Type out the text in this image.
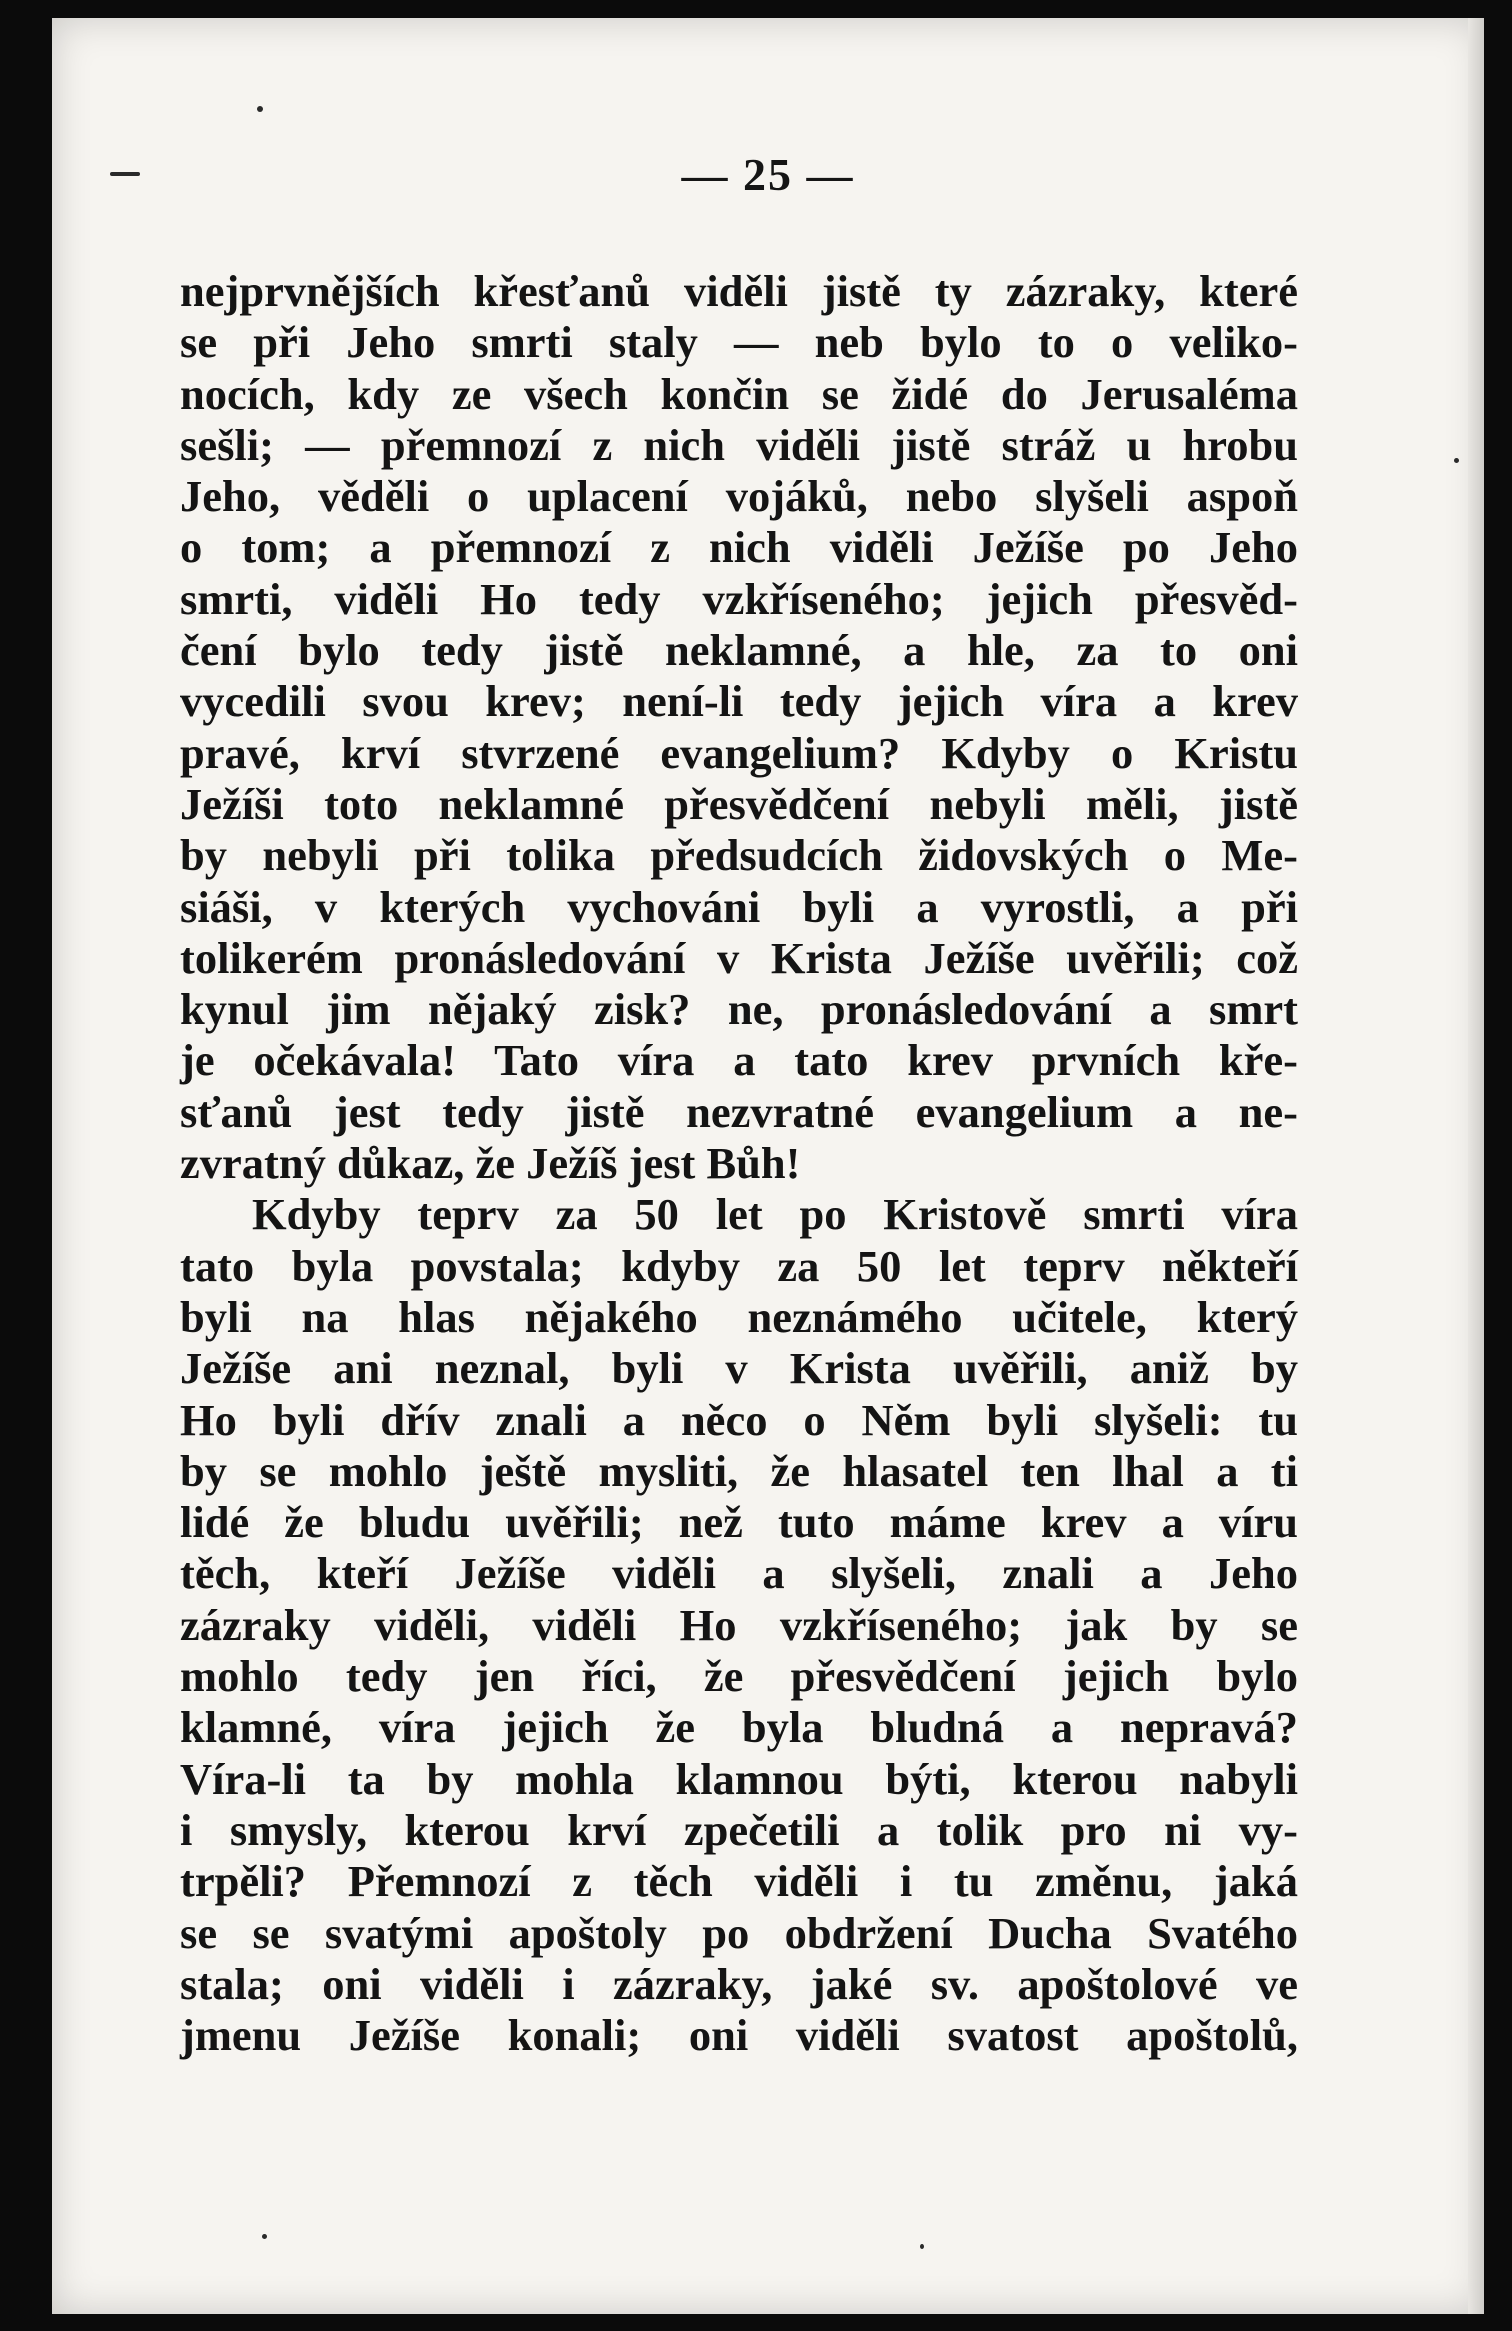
— 25 —
nejprvnějších křesťanů viděli jistě ty zázraky, které
se při Jeho smrti staly — neb bylo to o veliko-
nocích, kdy ze všech končin se židé do Jerusaléma
sešli; — přemnozí z nich viděli jistě stráž u hrobu
Jeho, věděli o uplacení vojáků, nebo slyšeli aspoň
o tom; a přemnozí z nich viděli Ježíše po Jeho
smrti, viděli Ho tedy vzkříseného; jejich přesvěd-
čení bylo tedy jistě neklamné, a hle, za to oni
vycedili svou krev; není-li tedy jejich víra a krev
pravé, krví stvrzené evangelium? Kdyby o Kristu
Ježíši toto neklamné přesvědčení nebyli měli, jistě
by nebyli při tolika předsudcích židovských o Me-
siáši, v kterých vychováni byli a vyrostli, a při
tolikerém pronásledování v Krista Ježíše uvěřili; což
kynul jim nějaký zisk? ne, pronásledování a smrt
je očekávala! Tato víra a tato krev prvních kře-
sťanů jest tedy jistě nezvratné evangelium a ne-
zvratný důkaz, že Ježíš jest Bůh!
Kdyby teprv za 50 let po Kristově smrti víra
tato byla povstala; kdyby za 50 let teprv někteří
byli na hlas nějakého neznámého učitele, který
Ježíše ani neznal, byli v Krista uvěřili, aniž by
Ho byli dřív znali a něco o Něm byli slyšeli: tu
by se mohlo ještě mysliti, že hlasatel ten lhal a ti
lidé že bludu uvěřili; než tuto máme krev a víru
těch, kteří Ježíše viděli a slyšeli, znali a Jeho
zázraky viděli, viděli Ho vzkříseného; jak by se
mohlo tedy jen říci, že přesvědčení jejich bylo
klamné, víra jejich že byla bludná a nepravá?
Víra-li ta by mohla klamnou býti, kterou nabyli
i smysly, kterou krví zpečetili a tolik pro ni vy-
trpěli? Přemnozí z těch viděli i tu změnu, jaká
se se svatými apoštoly po obdržení Ducha Svatého
stala; oni viděli i zázraky, jaké sv. apoštolové ve
jmenu Ježíše konali; oni viděli svatost apoštolů,
